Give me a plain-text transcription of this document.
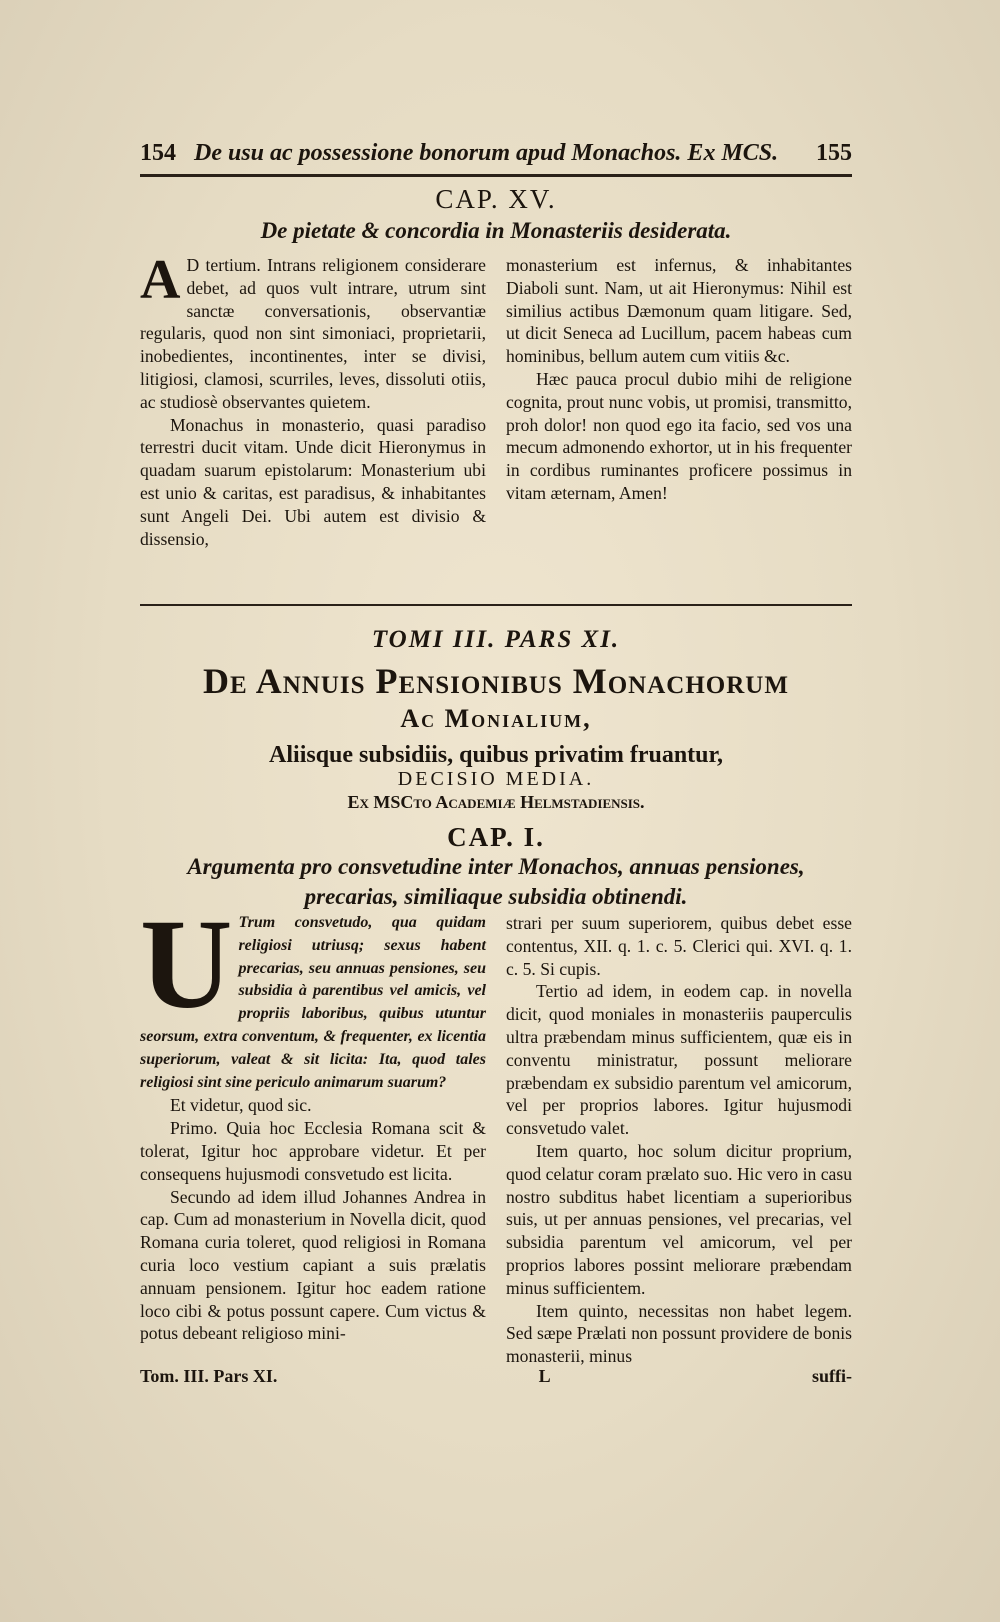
154 De usu ac possessione bonorum apud Monachos. Ex MCS.	155
CAP. XV.
De pietate & concordia in Monasteriis desiderata.
A D tertium. Intrans religionem considerare debet, ad quos vult intrare, utrum sint sanctæ conversationis, observantiæ regularis, quod non sint simoniaci, proprietarii, inobedientes, incontinentes, inter se divisi, litigiosi, clamosi, scurriles, leves, dissoluti otiis, ac studiosè observantes quietem.

Monachus in monasterio, quasi paradiso terrestri ducit vitam. Unde dicit Hieronymus in quadam suarum epistolarum: Monasterium ubi est unio & caritas, est paradisus, & inhabitantes sunt Angeli Dei. Ubi autem est divisio & dissensio,

monasterium est infernus, & inhabitantes Diaboli sunt. Nam, ut ait Hieronymus: Nihil est similius actibus Dæmonum quam litigare. Sed, ut dicit Seneca ad Lucillum, pacem habeas cum hominibus, bellum autem cum vitiis &c.

Hæc pauca procul dubio mihi de religione cognita, prout nunc vobis, ut promisi, transmitto, proh dolor! non quod ego ita facio, sed vos una mecum admonendo exhortor, ut in his frequenter in cordibus ruminantes proficere possimus in vitam æternam, Amen!

TOMI III. PARS XI.
De Annuis Pensionibus Monachorum
Ac Monialium,
Aliisque subsidiis, quibus privatim fruantur,
DECISIO MEDIA.
Ex MSCto Academiæ Helmstadiensis.
CAP. I.
Argumenta pro consvetudine inter Monachos, annuas pensiones, precarias, similiaque subsidia obtinendi.
U Trum consvetudo, qua quidam religiosi utriusq; sexus habent precarias, seu annuas pensiones, seu subsidia à parentibus vel amicis, vel propriis laboribus, quibus utuntur seorsum, extra conventum, & frequenter, ex licentia superiorum, valeat & sit licita: Ita, quod tales religiosi sint sine periculo animarum suarum?

Et videtur, quod sic.

Primo. Quia hoc Ecclesia Romana scit & tolerat, Igitur hoc approbare videtur. Et per consequens hujusmodi consvetudo est licita.

Secundo ad idem illud Johannes Andrea in cap. Cum ad monasterium in Novella dicit, quod Romana curia toleret, quod religiosi in Romana curia loco vestium capiant a suis prælatis annuam pensionem. Igitur hoc eadem ratione loco cibi & potus possunt capere. Cum victus & potus debeant religioso mini-

strari per suum superiorem, quibus debet esse contentus, XII. q. 1. c. 5. Clerici qui. XVI. q. 1. c. 5. Si cupis.

Tertio ad idem, in eodem cap. in novella dicit, quod moniales in monasteriis pauperculis ultra præbendam minus sufficientem, quæ eis in conventu ministratur, possunt meliorare præbendam ex subsidio parentum vel amicorum, vel per proprios labores. Igitur hujusmodi consvetudo valet.

Item quarto, hoc solum dicitur proprium, quod celatur coram prælato suo. Hic vero in casu nostro subditus habet licentiam a superioribus suis, ut per annuas pensiones, vel precarias, vel subsidia parentum vel amicorum, vel per proprios labores possint meliorare præbendam minus sufficientem.

Item quinto, necessitas non habet legem. Sed sæpe Prælati non possunt providere de bonis monasterii, minus

Tom. III. Pars XI.	L	suffi-
